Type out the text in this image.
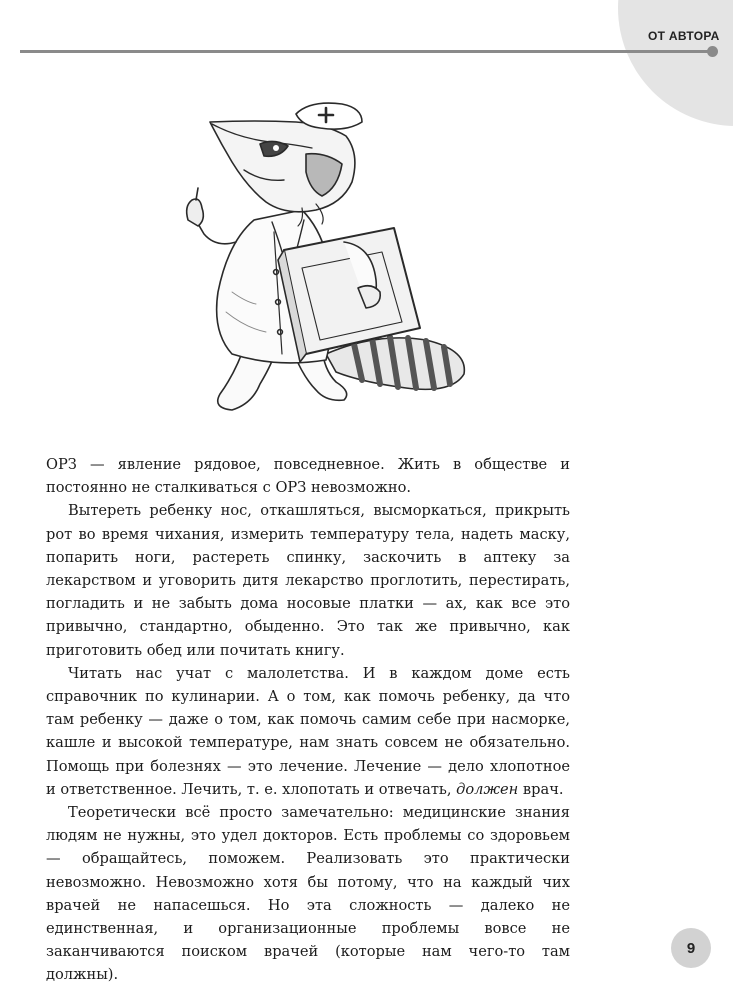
ОТ АВТОРА

ОРЗ — явление рядовое, повседневное. Жить в обществе и постоянно не сталкиваться с ОРЗ невозможно.

Вытереть ребенку нос, откашляться, высморкаться, прикрыть рот во время чихания, измерить температуру тела, надеть маску, попарить ноги, растереть спинку, заскочить в аптеку за лекарством и уговорить дитя лекарство проглотить, перестирать, погладить и не забыть дома носовые платки — ах, как все это привычно, стандартно, обыденно. Это так же привычно, как приготовить обед или почитать книгу.

Читать нас учат с малолетства. И в каждом доме есть справочник по кулинарии. А о том, как помочь ребенку, да что там ребенку — даже о том, как помочь самим себе при насморке, кашле и высокой температуре, нам знать совсем не обязательно. Помощь при болезнях — это лечение. Лечение — дело хлопотное и ответственное. Лечить, т. е. хлопотать и отвечать, должен врач.

Теоретически всё просто замечательно: медицинские знания людям не нужны, это удел докторов. Есть проблемы со здоровьем — обращайтесь, поможем. Реализовать это практически невозможно. Невозможно хотя бы потому, что на каждый чих врачей не напасешься. Но эта сложность — далеко не единственная, и организационные проблемы вовсе не заканчиваются поиском врачей (которые нам чего-то там должны).

9
